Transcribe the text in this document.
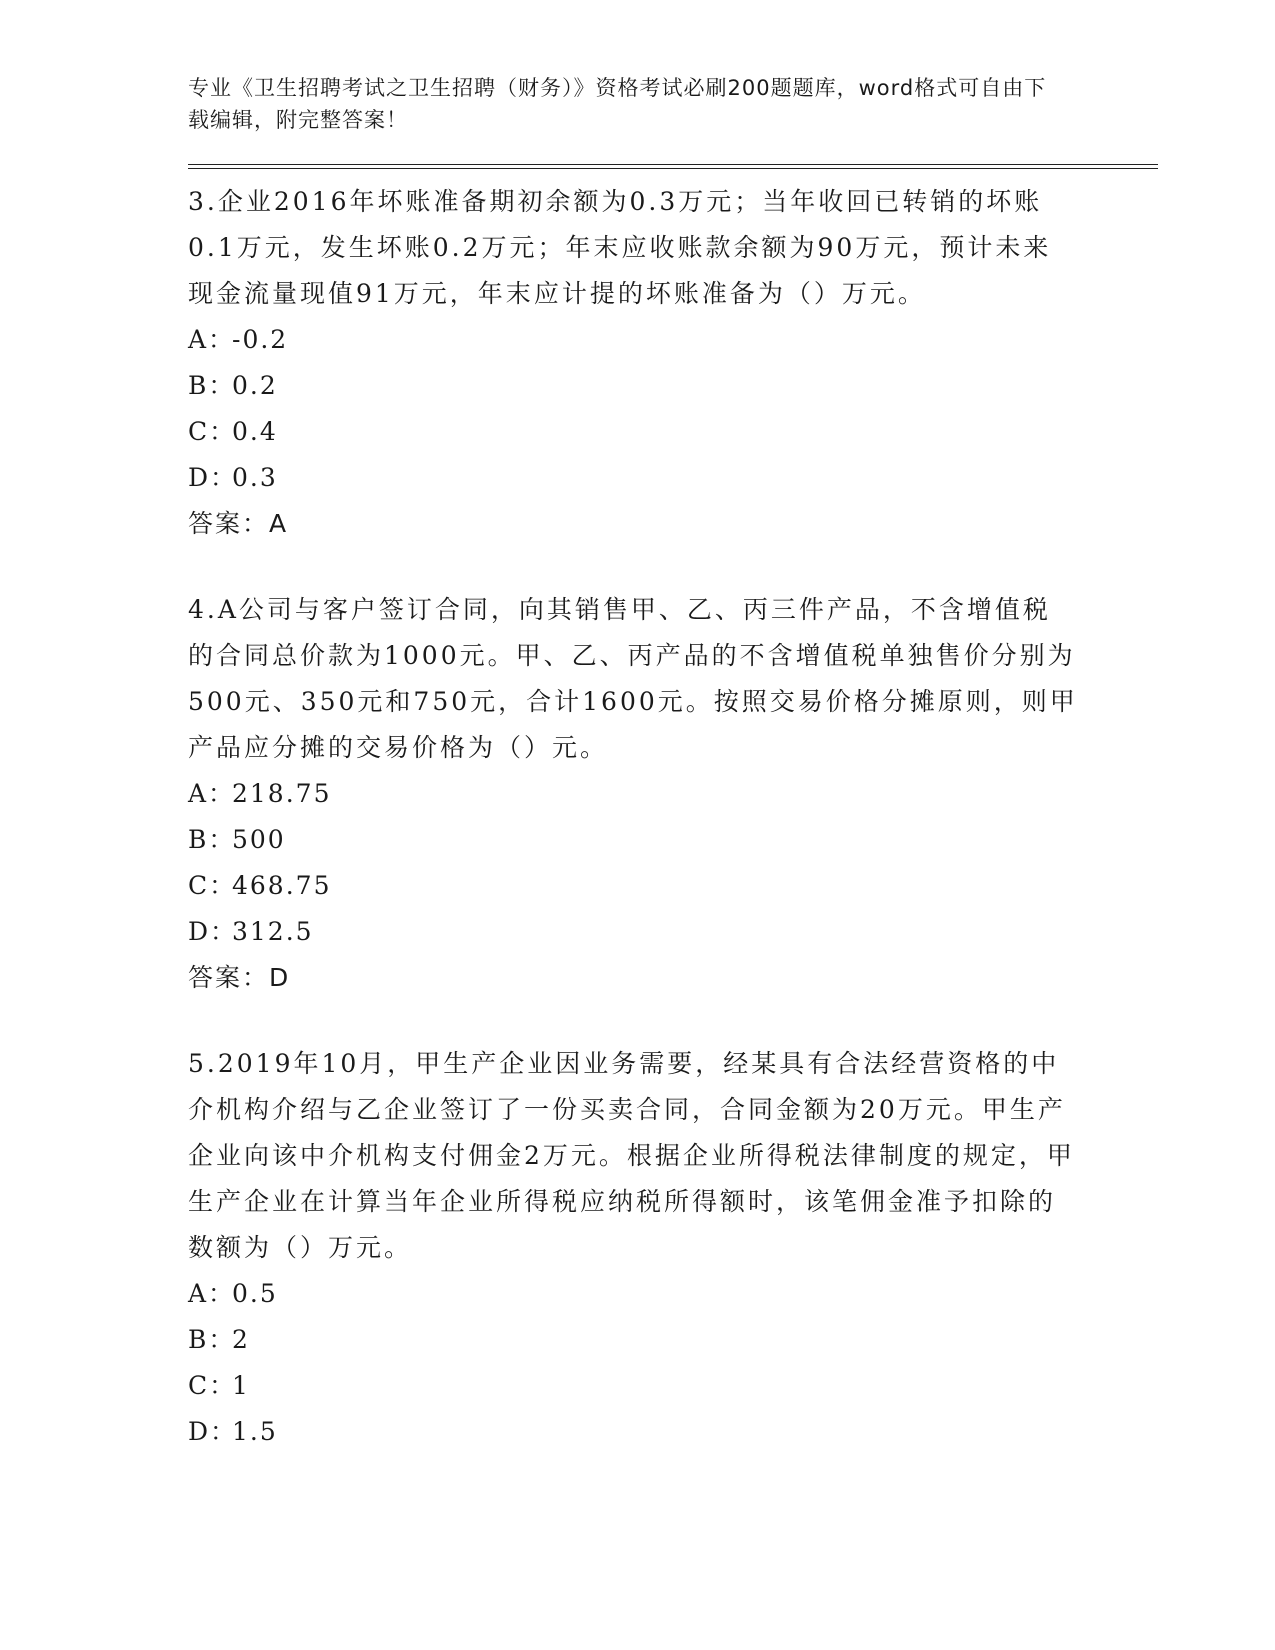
专业《卫生招聘考试之卫生招聘（财务）》资格考试必刷200题题库，word格式可自由下载编辑，附完整答案！
3.企业2016年坏账准备期初余额为0.3万元；当年收回已转销的坏账0.1万元，发生坏账0.2万元；年末应收账款余额为90万元，预计未来现金流量现值91万元，年末应计提的坏账准备为（）万元。
A：-0.2
B：0.2
C：0.4
D：0.3
答案：A
4.A公司与客户签订合同，向其销售甲、乙、丙三件产品，不含增值税的合同总价款为1000元。甲、乙、丙产品的不含增值税单独售价分别为500元、350元和750元，合计1600元。按照交易价格分摊原则，则甲产品应分摊的交易价格为（）元。
A：218.75
B：500
C：468.75
D：312.5
答案：D
5.2019年10月，甲生产企业因业务需要，经某具有合法经营资格的中介机构介绍与乙企业签订了一份买卖合同，合同金额为20万元。甲生产企业向该中介机构支付佣金2万元。根据企业所得税法律制度的规定，甲生产企业在计算当年企业所得税应纳税所得额时，该笔佣金准予扣除的数额为（）万元。
A：0.5
B：2
C：1
D：1.5
